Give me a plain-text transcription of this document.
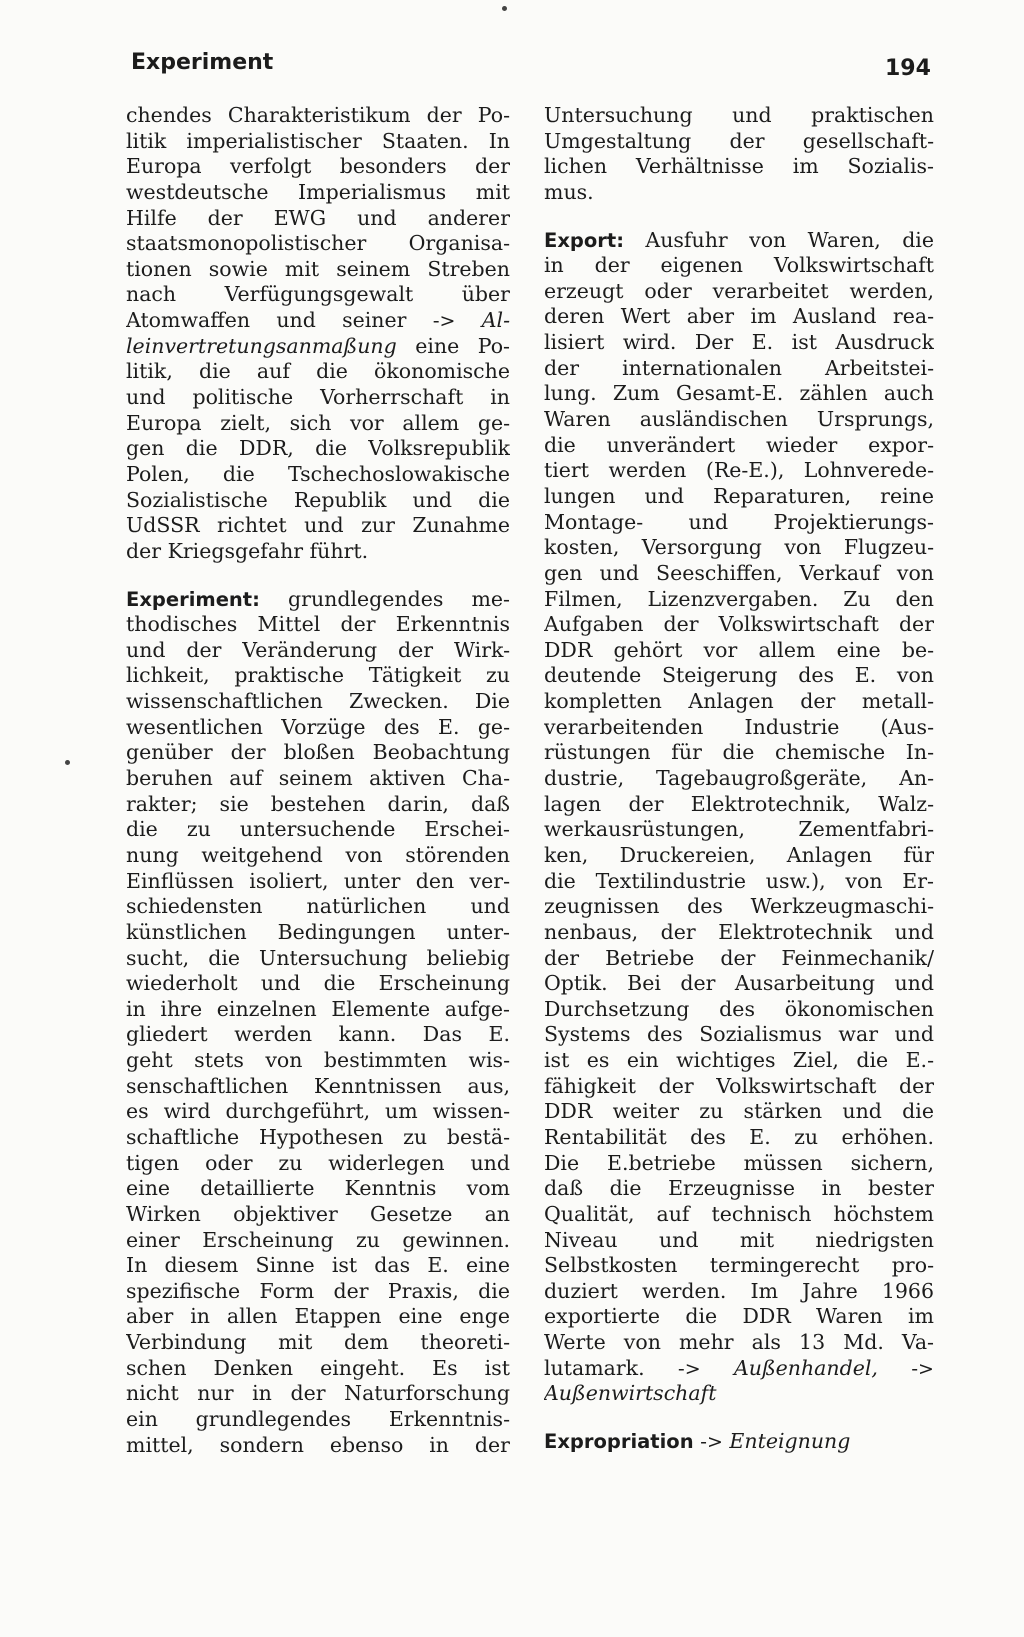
Experiment	194
chendes Charakteristikum der Po-
litik imperialistischer Staaten. In
Europa verfolgt besonders der
westdeutsche Imperialismus mit
Hilfe der EWG und anderer
staatsmonopolistischer Organisa-
tionen sowie mit seinem Streben
nach Verfügungsgewalt über
Atomwaffen und seiner -> Al-
leinvertretungsanmaßung eine Po-
litik, die auf die ökonomische
und politische Vorherrschaft in
Europa zielt, sich vor allem ge-
gen die DDR, die Volksrepublik
Polen, die Tschechoslowakische
Sozialistische Republik und die
UdSSR richtet und zur Zunahme
der Kriegsgefahr führt.
Experiment: grundlegendes me-
thodisches Mittel der Erkenntnis
und der Veränderung der Wirk-
lichkeit, praktische Tätigkeit zu
wissenschaftlichen Zwecken. Die
wesentlichen Vorzüge des E. ge-
genüber der bloßen Beobachtung
beruhen auf seinem aktiven Cha-
rakter; sie bestehen darin, daß
die zu untersuchende Erschei-
nung weitgehend von störenden
Einflüssen isoliert, unter den ver-
schiedensten natürlichen und
künstlichen Bedingungen unter-
sucht, die Untersuchung beliebig
wiederholt und die Erscheinung
in ihre einzelnen Elemente aufge-
gliedert werden kann. Das E.
geht stets von bestimmten wis-
senschaftlichen Kenntnissen aus,
es wird durchgeführt, um wissen-
schaftliche Hypothesen zu bestä-
tigen oder zu widerlegen und
eine detaillierte Kenntnis vom
Wirken objektiver Gesetze an
einer Erscheinung zu gewinnen.
In diesem Sinne ist das E. eine
spezifische Form der Praxis, die
aber in allen Etappen eine enge
Verbindung mit dem theoreti-
schen Denken eingeht. Es ist
nicht nur in der Naturforschung
ein grundlegendes Erkenntnis-
mittel, sondern ebenso in der
Untersuchung und praktischen
Umgestaltung der gesellschaft-
lichen Verhältnisse im Sozialis-
mus.
Export: Ausfuhr von Waren, die
in der eigenen Volkswirtschaft
erzeugt oder verarbeitet werden,
deren Wert aber im Ausland rea-
lisiert wird. Der E. ist Ausdruck
der internationalen Arbeitstei-
lung. Zum Gesamt-E. zählen auch
Waren ausländischen Ursprungs,
die unverändert wieder expor-
tiert werden (Re-E.), Lohnverede-
lungen und Reparaturen, reine
Montage- und Projektierungs-
kosten, Versorgung von Flugzeu-
gen und Seeschiffen, Verkauf von
Filmen, Lizenzvergaben. Zu den
Aufgaben der Volkswirtschaft der
DDR gehört vor allem eine be-
deutende Steigerung des E. von
kompletten Anlagen der metall-
verarbeitenden Industrie (Aus-
rüstungen für die chemische In-
dustrie, Tagebaugroßgeräte, An-
lagen der Elektrotechnik, Walz-
werkausrüstungen, Zementfabri-
ken, Druckereien, Anlagen für
die Textilindustrie usw.), von Er-
zeugnissen des Werkzeugmaschi-
nenbaus, der Elektrotechnik und
der Betriebe der Feinmechanik/
Optik. Bei der Ausarbeitung und
Durchsetzung des ökonomischen
Systems des Sozialismus war und
ist es ein wichtiges Ziel, die E.-
fähigkeit der Volkswirtschaft der
DDR weiter zu stärken und die
Rentabilität des E. zu erhöhen.
Die E.betriebe müssen sichern,
daß die Erzeugnisse in bester
Qualität, auf technisch höchstem
Niveau und mit niedrigsten
Selbstkosten termingerecht pro-
duziert werden. Im Jahre 1966
exportierte die DDR Waren im
Werte von mehr als 13 Md. Va-
lutamark. -> Außenhandel, ->
Außenwirtschaft
Expropriation -> Enteignung
